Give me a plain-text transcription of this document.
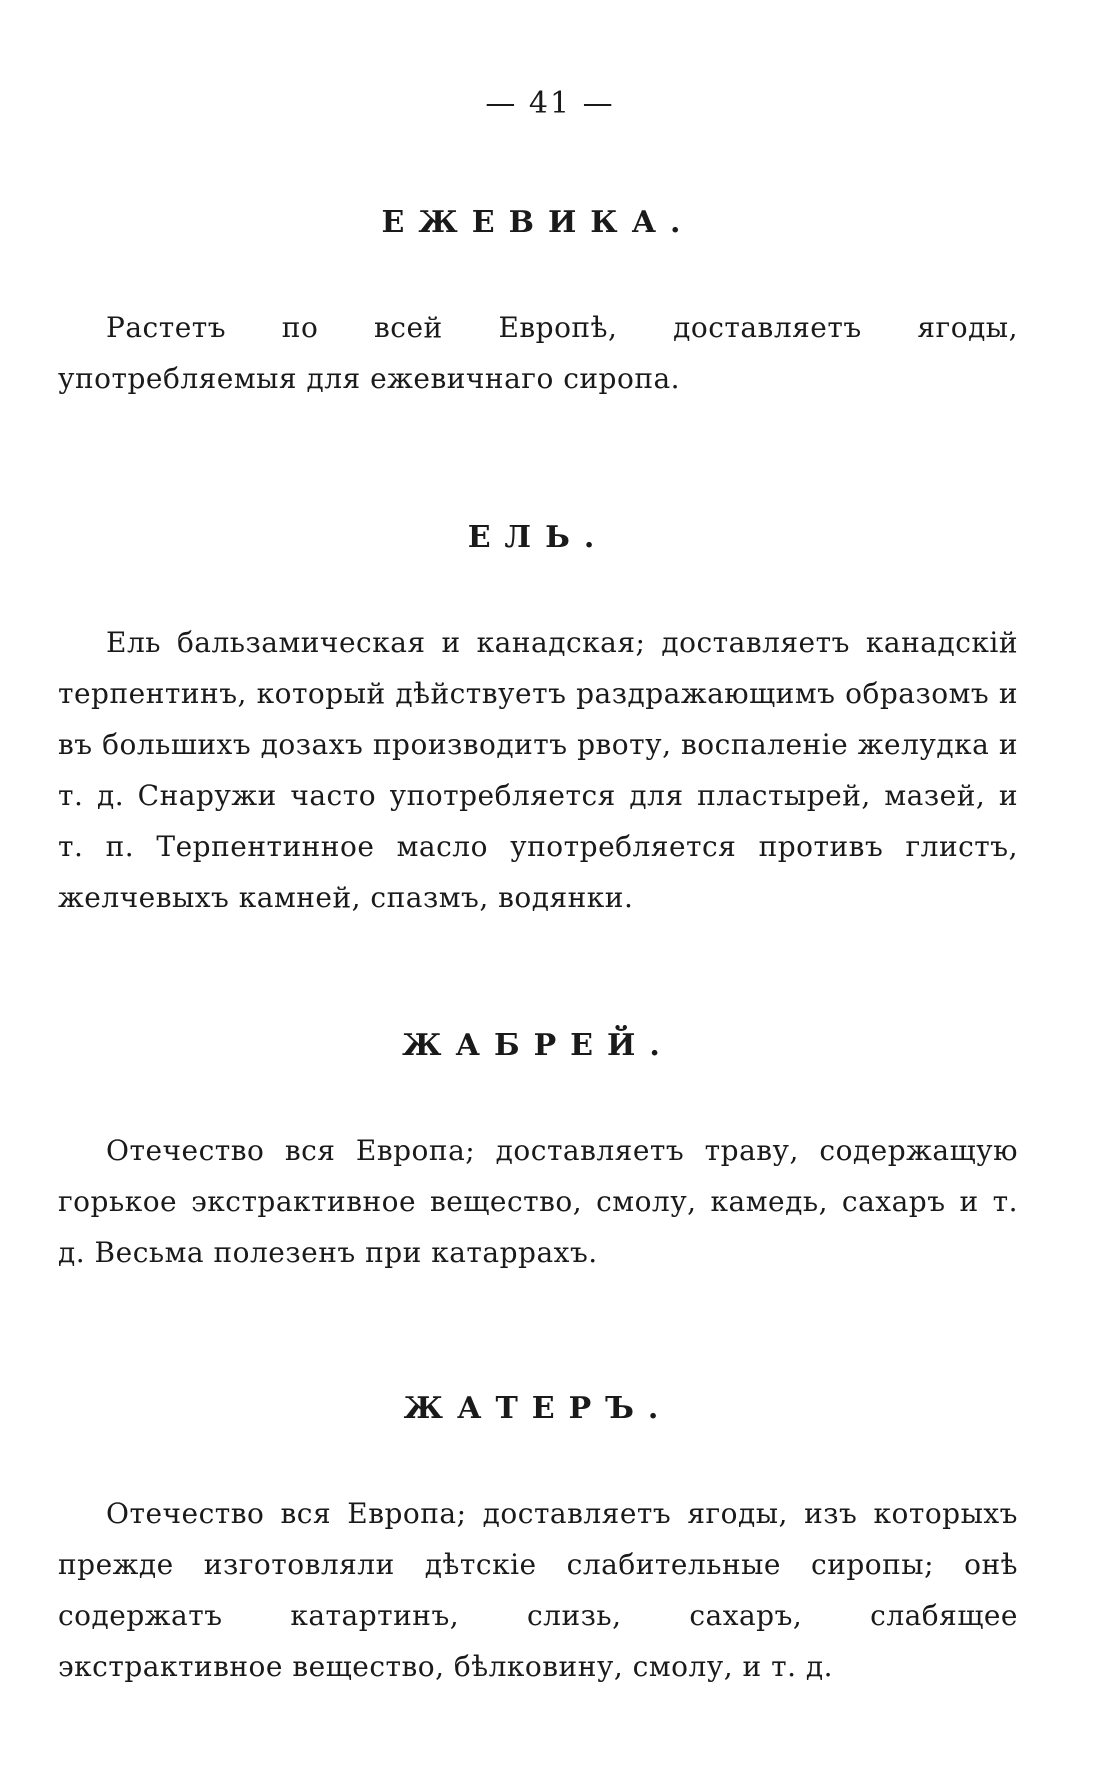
— 41 —
ЕЖЕВИКА.

Растетъ по всей Европѣ, доставляетъ ягоды, употребляемыя для ежевичнаго сиропа.

ЕЛЬ.

Ель бальзамическая и канадская; доставляетъ канадскій терпентинъ, который дѣйствуетъ раздражающимъ образомъ и въ большихъ дозахъ производитъ рвоту, воспаленіе желудка и т. д. Снаружи часто употребляется для пластырей, мазей, и т. п. Терпентинное масло употребляется противъ глистъ, желчевыхъ камней, спазмъ, водянки.

ЖАБРЕЙ.

Отечество вся Европа; доставляетъ траву, содержащую горькое экстрактивное вещество, смолу, камедь, сахаръ и т. д. Весьма полезенъ при катаррахъ.

ЖАТЕРЪ.

Отечество вся Европа; доставляетъ ягоды, изъ которыхъ прежде изготовляли дѣтскіе слабительные сиропы; онѣ содержатъ катартинъ, слизь, сахаръ, слабящее экстрактивное вещество, бѣлковину, смолу, и т. д.
